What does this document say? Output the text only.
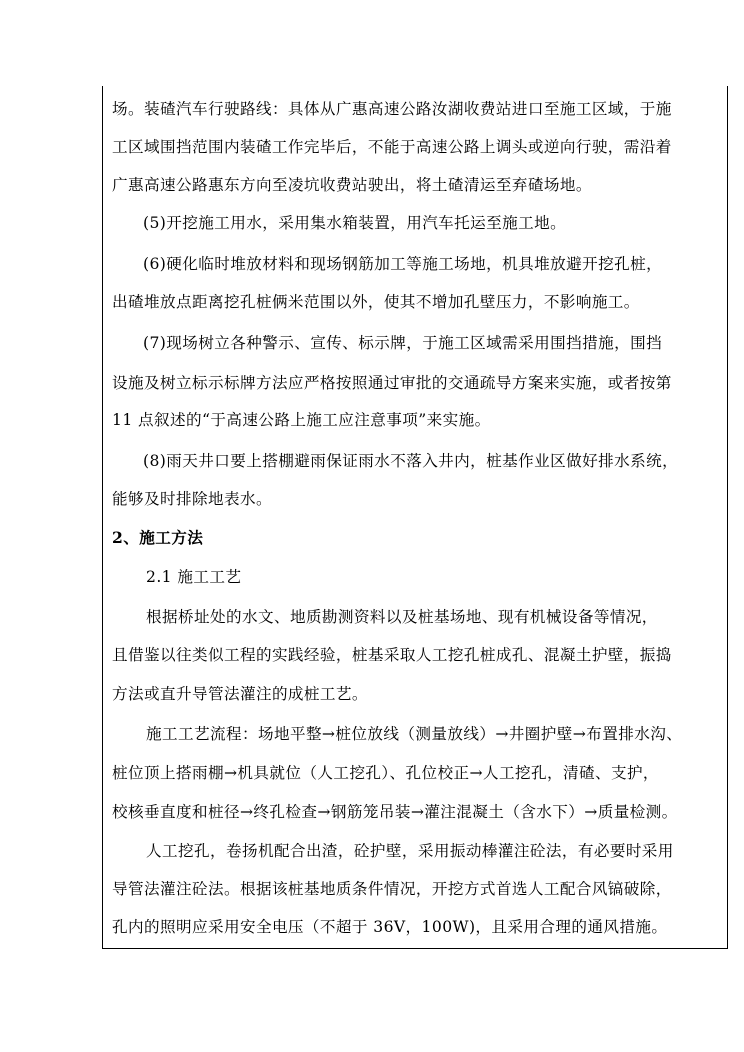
场。装碴汽车行驶路线：具体从广惠高速公路汝湖收费站进口至施工区域，于施
工区域围挡范围内装碴工作完毕后，不能于高速公路上调头或逆向行驶，需沿着
广惠高速公路惠东方向至凌坑收费站驶出，将土碴清运至弃碴场地。
(5)开挖施工用水，采用集水箱装置，用汽车托运至施工地。
(6)硬化临时堆放材料和现场钢筋加工等施工场地，机具堆放避开挖孔桩，
出碴堆放点距离挖孔桩俩米范围以外，使其不增加孔壁压力，不影响施工。
(7)现场树立各种警示、宣传、标示牌，于施工区域需采用围挡措施，围挡
设施及树立标示标牌方法应严格按照通过审批的交通疏导方案来实施，或者按第
11 点叙述的“于高速公路上施工应注意事项”来实施。
(8)雨天井口要上搭棚避雨保证雨水不落入井内，桩基作业区做好排水系统，
能够及时排除地表水。
2、施工方法
2.1 施工工艺
根据桥址处的水文、地质勘测资料以及桩基场地、现有机械设备等情况，
且借鉴以往类似工程的实践经验，桩基采取人工挖孔桩成孔、混凝土护壁，振捣
方法或直升导管法灌注的成桩工艺。
施工工艺流程：场地平整→桩位放线（测量放线）→井圈护壁→布置排水沟、
桩位顶上搭雨棚→机具就位（人工挖孔）、孔位校正→人工挖孔，清碴、支护，
校核垂直度和桩径→终孔检查→钢筋笼吊装→灌注混凝土（含水下）→质量检测。
人工挖孔，卷扬机配合出渣，砼护壁，采用振动棒灌注砼法，有必要时采用
导管法灌注砼法。根据该桩基地质条件情况，开挖方式首选人工配合风镐破除，
孔内的照明应采用安全电压（不超于 36V，100W)，且采用合理的通风措施。
